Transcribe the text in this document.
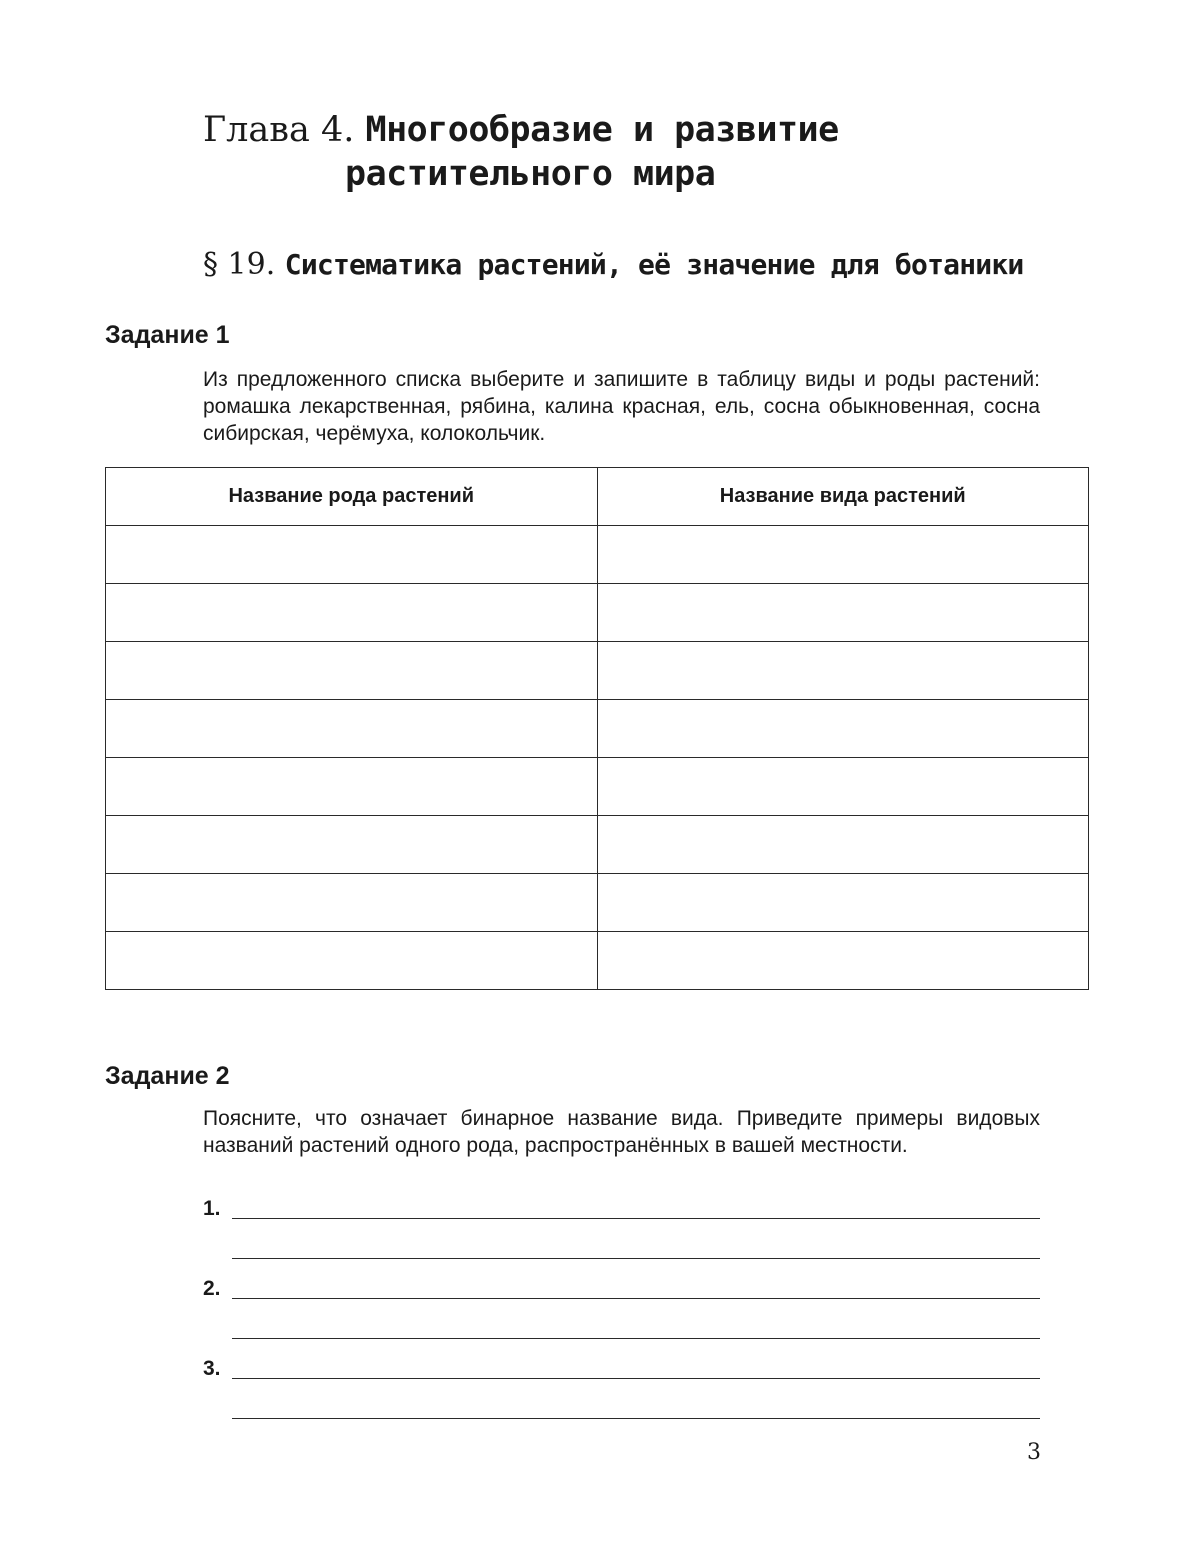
Глава 4. Многообразие и развитие
растительного мира
§ 19. Систематика растений, её значение для ботаники
Задание 1
Из предложенного списка выберите и запишите в таблицу виды и роды растений: ромашка лекарственная, рябина, калина красная, ель, сосна обыкновенная, сосна сибирская, черёмуха, колокольчик.
Название рода растений	Название вида растений

Задание 2
Поясните, что означает бинарное название вида. Приведите примеры видовых названий растений одного рода, распространённых в вашей местности.
1.
2.
3.
3
